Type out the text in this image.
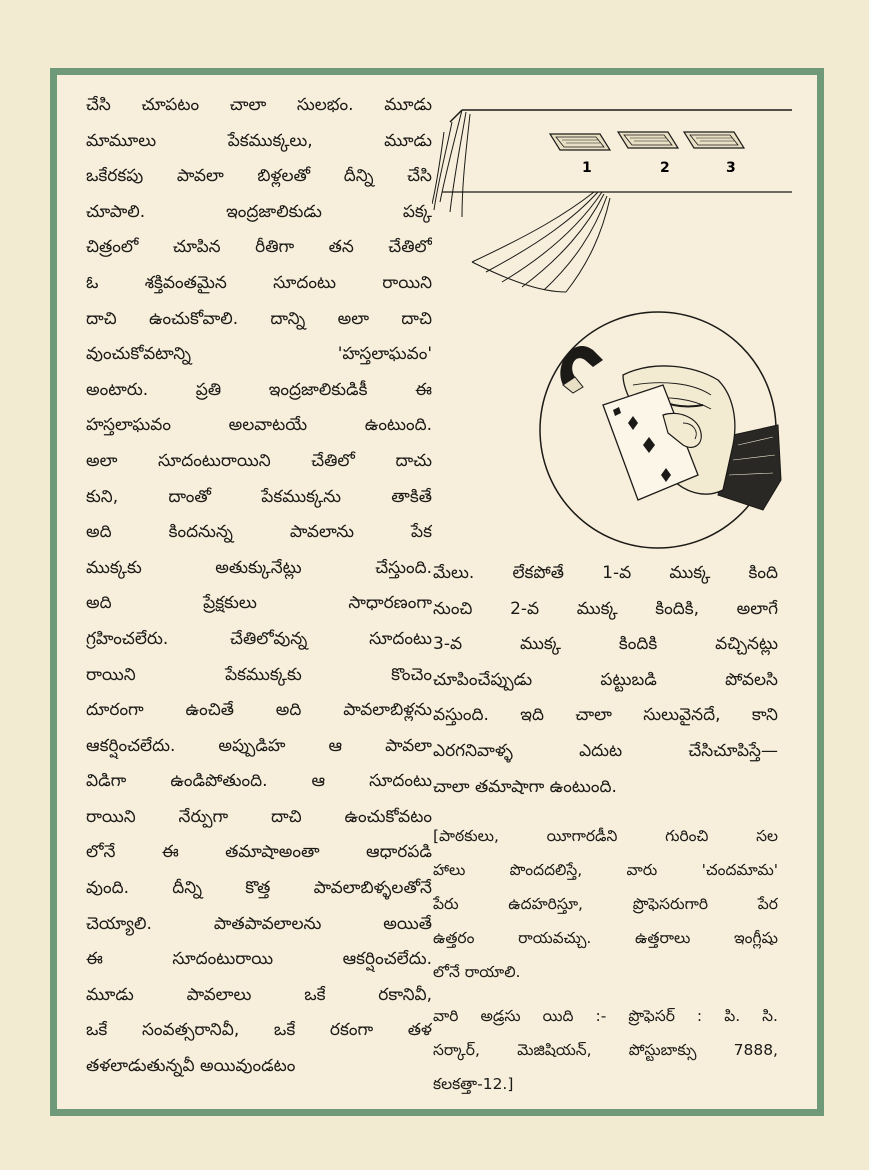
1	2	3

చేసి చూపటం చాలా సులభం. మూడు

మామూలు పేకముక్కలు, మూడు

ఒకేరకపు పావలా బిళ్లలతో దీన్ని చేసి

చూపాలి. ఇంద్రజాలికుడు పక్క

చిత్రంలో చూపిన రీతిగా తన చేతిలో

ఓ శక్తివంతమైన సూదంటు రాయిని

దాచి ఉంచుకోవాలి. దాన్ని అలా దాచి

వుంచుకోవటాన్ని 'హస్తలాఘవం'

అంటారు. ప్రతి ఇంద్రజాలికుడికీ ఈ

హస్తలాఘవం అలవాటయే ఉంటుంది.

అలా సూదంటురాయిని చేతిలో దాచు

కుని, దాంతో పేకముక్కను తాకితే

అది కిందనున్న పావలాను పేక

ముక్కకు అతుక్కునేట్లు చేస్తుంది.

అది ప్రేక్షకులు సాధారణంగా

గ్రహించలేరు. చేతిలోవున్న సూదంటు

రాయిని పేకముక్కకు కొంచెం

దూరంగా ఉంచితే అది పావలాబిళ్లను

ఆకర్షించలేదు. అప్పుడిహ ఆ పావలా

విడిగా ఉండిపోతుంది. ఆ సూదంటు

రాయిని నేర్పుగా దాచి ఉంచుకోవటం

లోనే ఈ తమాషాఅంతా ఆధారపడి

వుంది. దీన్ని కొత్త పావలాబిళ్ళలతోనే

చెయ్యాలి. పాతపావలాలను అయితే

ఈ సూదంటురాయి ఆకర్షించలేదు.

మూడు పావలాలు ఒకే రకానివీ,

ఒకే సంవత్సరానివీ, ఒకే రకంగా తళ

తళలాడుతున్నవీ అయివుండటం

మేలు. లేకపోతే 1-వ ముక్క కింది

నుంచి 2-వ ముక్క కిందికి, అలాగే

3-వ ముక్క కిందికి వచ్చినట్లు

చూపించేప్పుడు పట్టుబడి పోవలసి

వస్తుంది. ఇది చాలా సులువైనదే, కాని

ఎరగనివాళ్ళ ఎదుట చేసిచూపిస్తే—

చాలా తమాషాగా ఉంటుంది.

[పాఠకులు, యీగారడీని గురించి సల

హాలు పొందదలిస్తే, వారు 'చందమామ'

పేరు ఉదహరిస్తూ, ప్రొఫెసరుగారి పేర

ఉత్తరం రాయవచ్చు. ఉత్తరాలు ఇంగ్లీషు

లోనే రాయాలి.

వారి అడ్రసు యిది :- ప్రొఫెసర్ : పి. సి.

సర్కార్, మెజిషియన్, పోస్టుబాక్సు 7888,

కలకత్తా-12.]
